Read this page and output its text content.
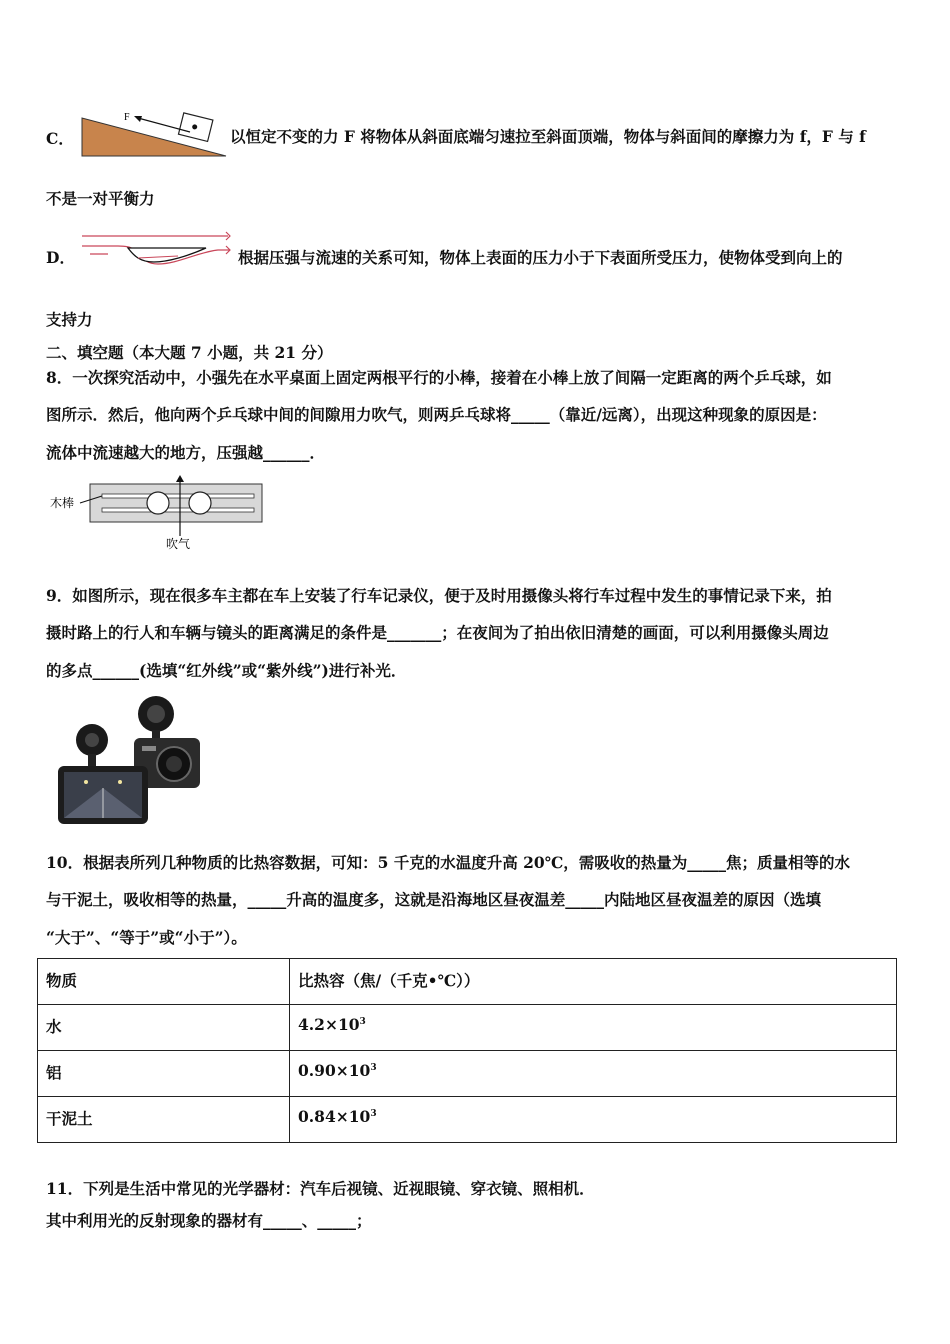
C．
F
以恒定不变的力 F 将物体从斜面底端匀速拉至斜面顶端，物体与斜面间的摩擦力为 f，F 与 f
不是一对平衡力
D．	根据压强与流速的关系可知，物体上表面的压力小于下表面所受压力，使物体受到向上的
支持力
二、填空题（本大题 7 小题，共 21 分）
8．一次探究活动中，小强先在水平桌面上固定两根平行的小棒，接着在小棒上放了间隔一定距离的两个乒乓球，如
图所示．然后，他向两个乒乓球中间的间隙用力吹气，则两乒乓球将_____（靠近/远离），出现这种现象的原因是：
流体中流速越大的地方，压强越______．
木棒
吹气
9．如图所示，现在很多车主都在车上安装了行车记录仪，便于及时用摄像头将行车过程中发生的事情记录下来，拍
摄时路上的行人和车辆与镜头的距离满足的条件是_______；在夜间为了拍出依旧清楚的画面，可以利用摄像头周边
的多点______(选填“红外线”或“紫外线”)进行补光．
10．根据表所列几种物质的比热容数据，可知：5 千克的水温度升高 20℃，需吸收的热量为_____焦；质量相等的水
与干泥土，吸收相等的热量，_____升高的温度多，这就是沿海地区昼夜温差_____内陆地区昼夜温差的原因（选填
“大于”、“等于”或“小于”）。
物质	比热容（焦/（千克•℃））
水	$4.2\times 10^3$
铝	$0.90\times 10^3$
干泥土	$0.84\times 10^3$
11．下列是生活中常见的光学器材：汽车后视镜、近视眼镜、穿衣镜、照相机．
其中利用光的反射现象的器材有_____、_____；
